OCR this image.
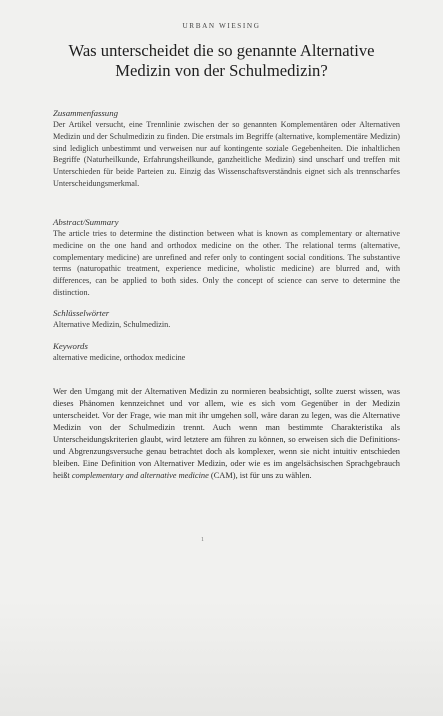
URBAN WIESING
Was unterscheidet die so genannte Alternative Medizin von der Schulmedizin?

Zusammenfassung

Der Artikel versucht, eine Trennlinie zwischen der so genannten Komplementären oder Alternativen Medizin und der Schulmedizin zu finden. Die erstmals im Begriffe (alternative, komplementäre Medizin) sind lediglich unbestimmt und verweisen nur auf kontingente soziale Gegebenheiten. Die inhaltlichen Begriffe (Naturheilkunde, Erfahrungsheilkunde, ganzheitliche Medizin) sind unscharf und treffen mit Unterschieden für beide Parteien zu. Einzig das Wissenschaftsverständnis eignet sich als trennscharfes Unterscheidungsmerkmal.

Abstract/Summary

The article tries to determine the distinction between what is known as complementary or alternative medicine on the one hand and orthodox medicine on the other. The relational terms (alternative, complementary medicine) are unrefined and refer only to contingent social conditions. The substantive terms (naturopathic treatment, experience medicine, wholistic medicine) are blurred and, with differences, can be applied to both sides. Only the concept of science can serve to determine the distinction.

Schlüsselwörter

Alternative Medizin, Schulmedizin.

Keywords

alternative medicine, orthodox medicine

Wer den Umgang mit der Alternativen Medizin zu normieren beabsichtigt, sollte zuerst wissen, was dieses Phänomen kennzeichnet und vor allem, wie es sich vom Gegenüber in der Medizin unterscheidet. Vor der Frage, wie man mit ihr umgehen soll, wäre daran zu legen, was die Alternative Medizin von der Schulmedizin trennt. Auch wenn man bestimmte Charakteristika als Unterscheidungskriterien glaubt, wird letztere am führen zu können, so erweisen sich die Definitions- und Abgrenzungsversuche genau betrachtet doch als komplexer, wenn sie nicht intuitiv entschieden bleiben. Eine Definition von Alternativer Medizin, oder wie es im angelsächsischen Sprachgebrauch heißt complementary and alternative medicine (CAM), ist für uns zu wählen.

1
